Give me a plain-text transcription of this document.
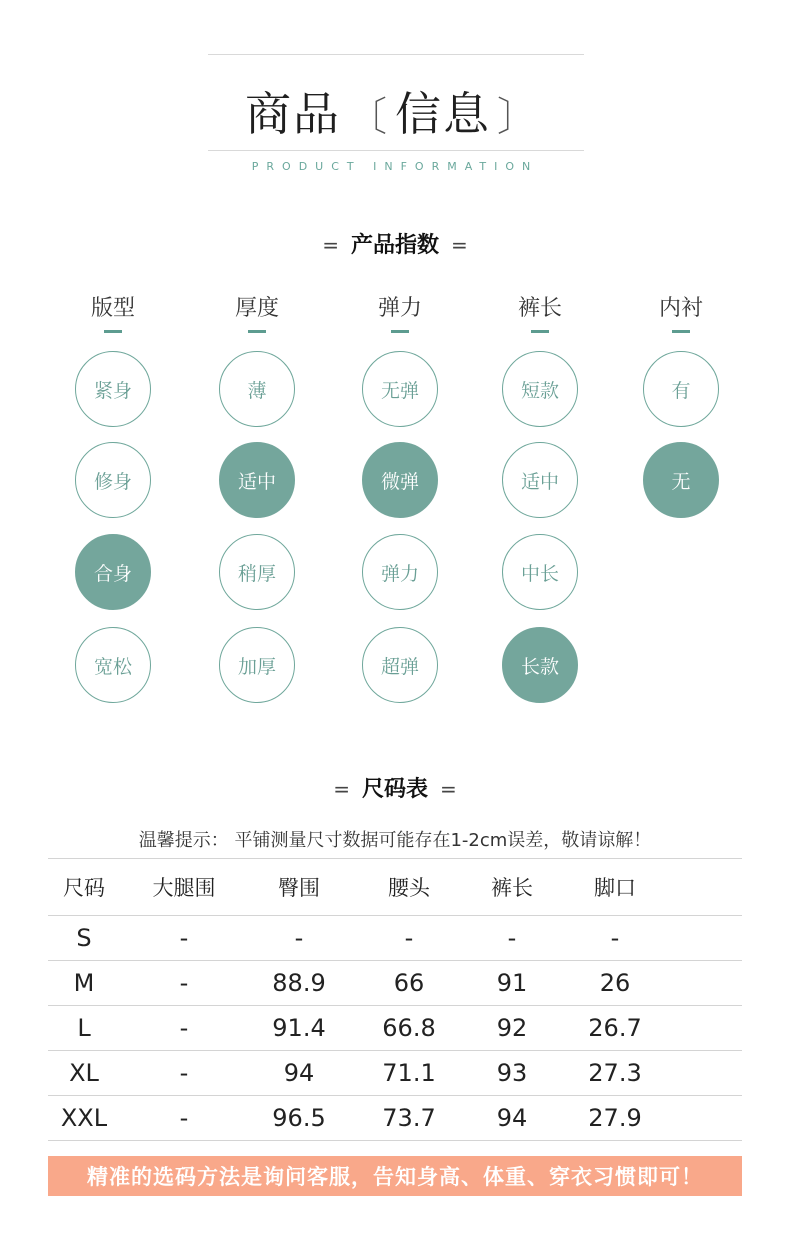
商品 〔 信息 〕
PRODUCT INFORMATION
= 产品指数 =
版型	厚度	弹力	裤长	内衬
紧身
修身
合身
宽松
薄
适中
稍厚
加厚
无弹
微弹
弹力
超弹
短款
适中
中长
长款
有
无
= 尺码表 =
温馨提示： 平铺测量尺寸数据可能存在1-2cm误差，敬请谅解！
尺码	大腿围	臀围	腰头	裤长	脚口
S	-	-	-	-	-
M	-	88.9	66	91	26
L	-	91.4	66.8	92	26.7
XL	-	94	71.1	93	27.3
XXL	-	96.5	73.7	94	27.9
精准的选码方法是询问客服，告知身高、体重、穿衣习惯即可！
